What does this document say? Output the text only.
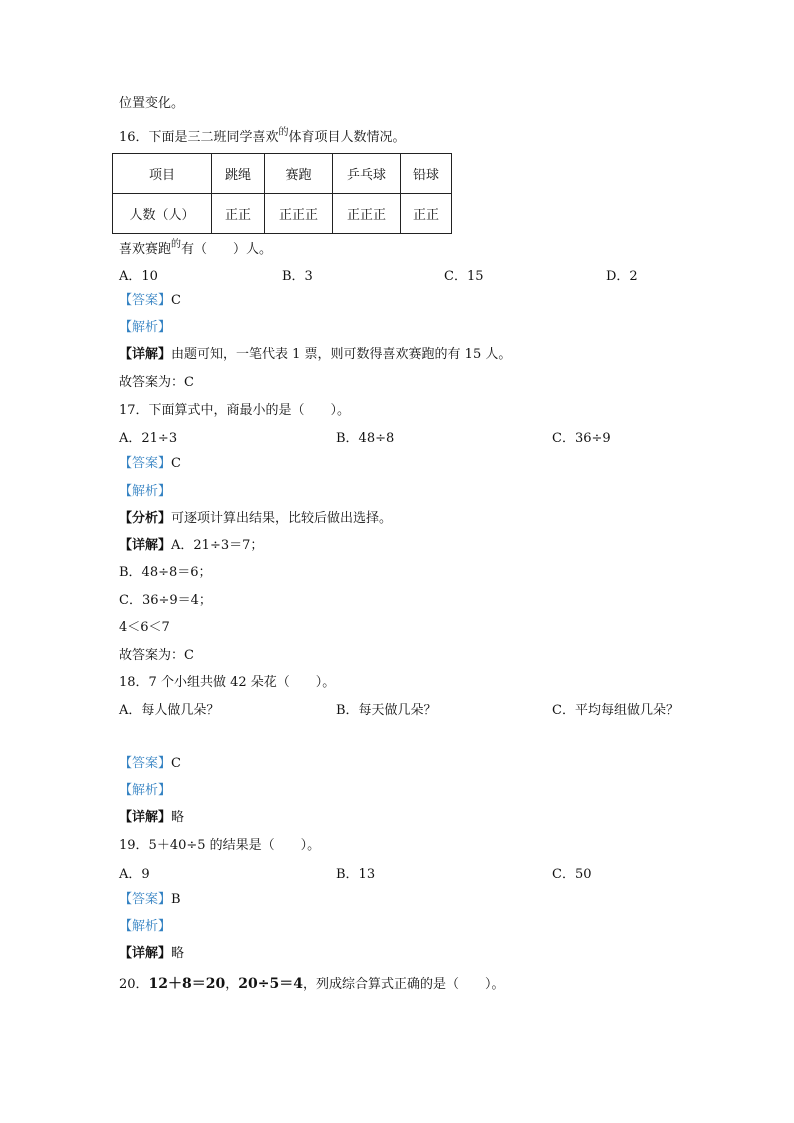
位置变化。
16．下面是三二班同学喜欢$^的$体育项目人数情况。
项目	跳绳	赛跑	乒乓球	铅球
人数（人）	正正	正正正	正正正	正正
喜欢赛跑$^的$有（　　）人。
A．10	B．3	C．15	D．2
【答案】C
【解析】
【详解】由题可知，一笔代表 1 票，则可数得喜欢赛跑的有 15 人。
故答案为：C
17．下面算式中，商最小的是（　　）。
A．21÷3	B．48÷8	C．36÷9
【答案】C
【解析】
【分析】可逐项计算出结果，比较后做出选择。
【详解】A．21÷3＝7；
B．48÷8＝6；
C．36÷9＝4；
4＜6＜7
故答案为：C
18．7 个小组共做 42 朵花（　　）。
A．每人做几朵？	B．每天做几朵？	C．平均每组做几朵？
【答案】C
【解析】
【详解】略
19．5＋40÷5 的结果是（　　）。
A．9	B．13	C．50
【答案】B
【解析】
【详解】略
20．12＋8＝20，20÷5＝4，列成综合算式正确的是（　　）。
